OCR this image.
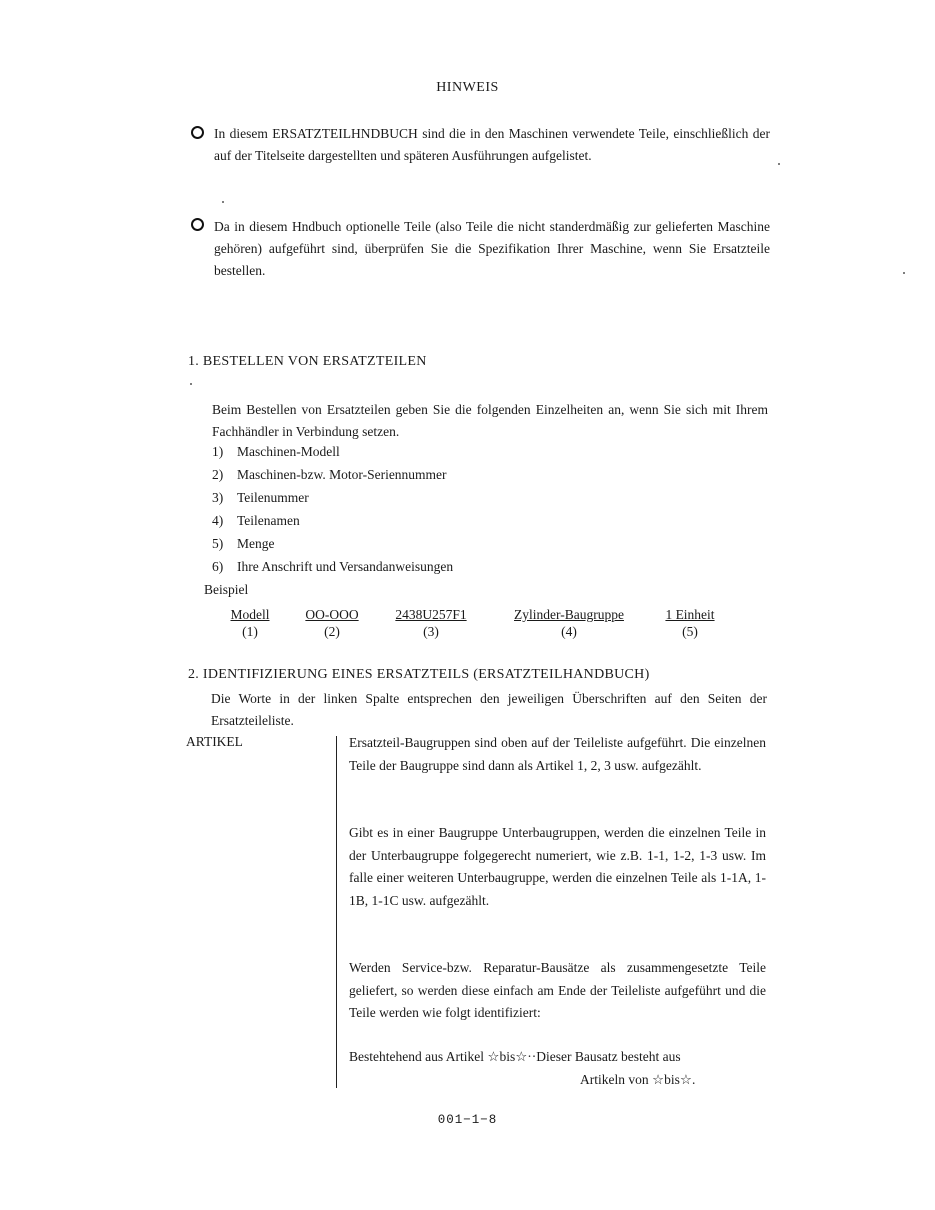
HINWEIS
In diesem ERSATZTEILHNDBUCH sind die in den Maschinen verwendete Teile, einschließlich der auf der Titelseite dargestellten und späteren Ausführungen aufgelistet.
Da in diesem Hndbuch optionelle Teile (also Teile die nicht standerdmäßig zur gelieferten Maschine gehören) aufgeführt sind, überprüfen Sie die Spezifikation Ihrer Maschine, wenn Sie Ersatzteile bestellen.
1. BESTELLEN VON ERSATZTEILEN
Beim Bestellen von Ersatzteilen geben Sie die folgenden Einzelheiten an, wenn Sie sich mit Ihrem Fachhändler in Verbindung setzen.
1) Maschinen-Modell
2) Maschinen-bzw. Motor-Seriennummer
3) Teilenummer
4) Teilenamen
5) Menge
6) Ihre Anschrift und Versandanweisungen
Beispiel
Modell
(1)
OO-OOO
(2)
2438U257F1
(3)
Zylinder-Baugruppe
(4)
1 Einheit
(5)
2. IDENTIFIZIERUNG EINES ERSATZTEILS (ERSATZTEILHANDBUCH)
Die Worte in der linken Spalte entsprechen den jeweiligen Überschriften auf den Seiten der Ersatzteileliste.
ARTIKEL	Ersatzteil-Baugruppen sind oben auf der Teileliste aufgeführt. Die einzelnen Teile der Baugruppe sind dann als Artikel 1, 2, 3 usw. aufgezählt.
Gibt es in einer Baugruppe Unterbaugruppen, werden die einzelnen Teile in der Unterbaugruppe folgegerecht numeriert, wie z.B. 1-1, 1-2, 1-3 usw. Im falle einer weiteren Unterbaugruppe, werden die einzelnen Teile als 1-1A, 1-1B, 1-1C usw. aufgezählt.
Werden Service-bzw. Reparatur-Bausätze als zusammengesetzte Teile geliefert, so werden diese einfach am Ende der Teileliste aufgeführt und die Teile werden wie folgt identifiziert:
Bestehtehend aus Artikel ☆bis☆··Dieser Bausatz besteht aus
Artikeln von ☆bis☆.
001−1−8
